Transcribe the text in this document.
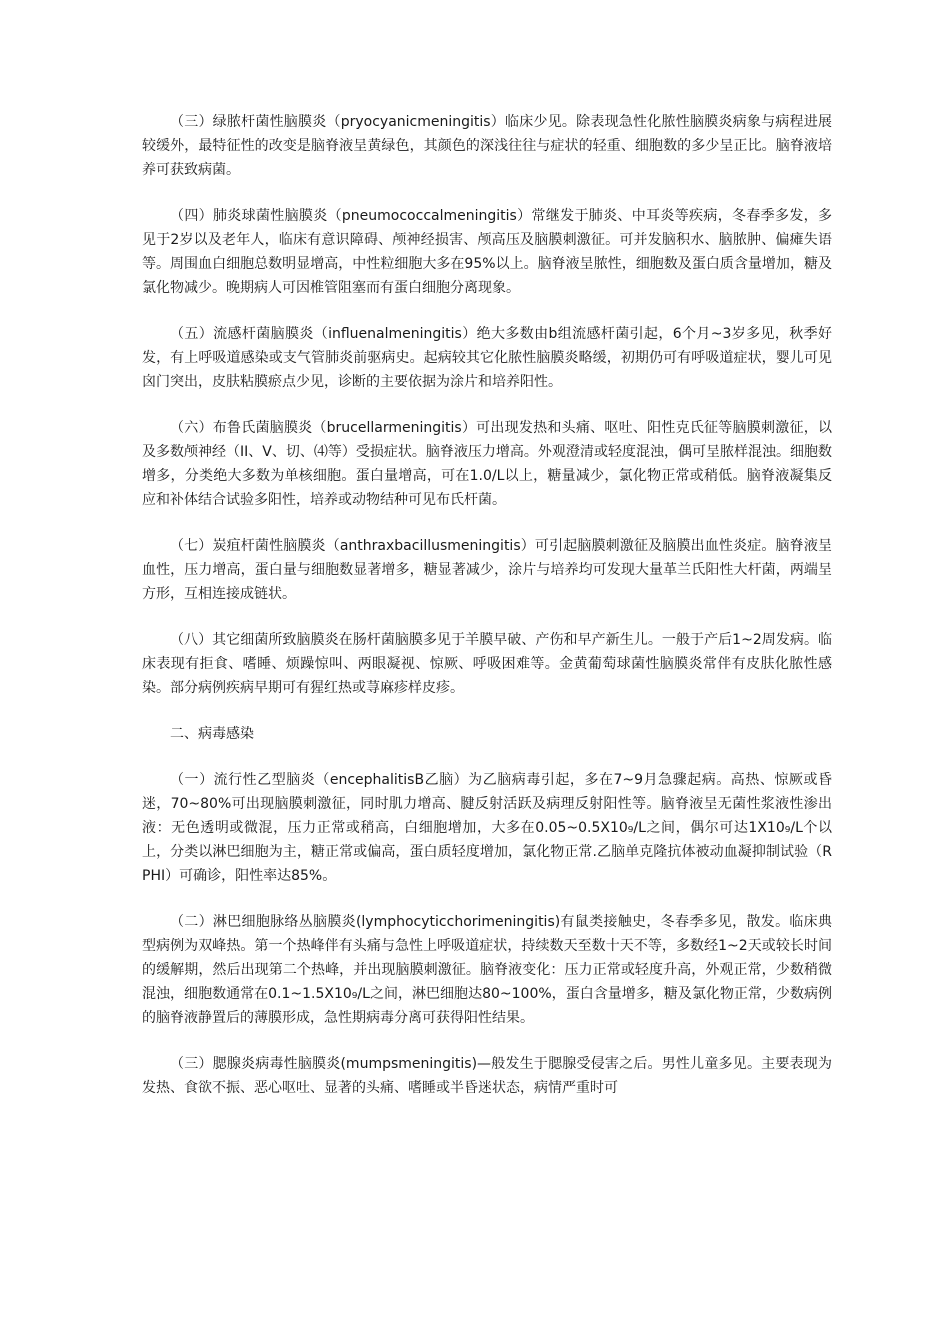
（三）绿脓杆菌性脑膜炎（pryocyanicmeningitis）临床少见。除表现急性化脓性脑膜炎病象与病程进展较缓外，最特征性的改变是脑脊液呈黄绿色，其颜色的深浅往往与症状的轻重、细胞数的多少呈正比。脑脊液培养可获致病菌。

（四）肺炎球菌性脑膜炎（pneumococcalmeningitis）常继发于肺炎、中耳炎等疾病，冬春季多发，多见于2岁以及老年人，临床有意识障碍、颅神经损害、颅高压及脑膜刺激征。可并发脑积水、脑脓肿、偏瘫失语等。周围血白细胞总数明显增高，中性粒细胞大多在95%以上。脑脊液呈脓性，细胞数及蛋白质含量增加，糖及氯化物减少。晚期病人可因椎管阻塞而有蛋白细胞分离现象。

（五）流感杆菌脑膜炎（influenalmeningitis）绝大多数由b组流感杆菌引起，6个月~3岁多见，秋季好发，有上呼吸道感染或支气管肺炎前驱病史。起病较其它化脓性脑膜炎略缓，初期仍可有呼吸道症状，婴儿可见囟门突出，皮肤粘膜瘀点少见，诊断的主要依据为涂片和培养阳性。

（六）布鲁氏菌脑膜炎（brucellarmeningitis）可出现发热和头痛、呕吐、阳性克氏征等脑膜刺激征，以及多数颅神经（II、V、切、⑷等）受损症状。脑脊液压力增高。外观澄清或轻度混浊，偶可呈脓样混浊。细胞数增多，分类绝大多数为单核细胞。蛋白量增高，可在1.0/L以上，糖量减少，氯化物正常或稍低。脑脊液凝集反应和补体结合试验多阳性，培养或动物结种可见布氏杆菌。

（七）炭疽杆菌性脑膜炎（anthraxbacillusmeningitis）可引起脑膜刺激征及脑膜出血性炎症。脑脊液呈血性，压力增高，蛋白量与细胞数显著增多，糖显著减少，涂片与培养均可发现大量革兰氏阳性大杆菌，两端呈方形，互相连接成链状。

（八）其它细菌所致脑膜炎在肠杆菌脑膜多见于羊膜早破、产伤和早产新生儿。一般于产后1~2周发病。临床表现有拒食、嗜睡、烦躁惊叫、两眼凝视、惊厥、呼吸困难等。金黄葡萄球菌性脑膜炎常伴有皮肤化脓性感染。部分病例疾病早期可有猩红热或荨麻疹样皮疹。

二、病毒感染

（一）流行性乙型脑炎（encephalitisB乙脑）为乙脑病毒引起，多在7~9月急骤起病。高热、惊厥或昏迷，70~80%可出现脑膜刺激征，同时肌力增高、腱反射活跃及病理反射阳性等。脑脊液呈无菌性浆液性渗出液：无色透明或微混，压力正常或稍高，白细胞增加，大多在0.05~0.5X10₉/L之间，偶尔可达1X10₉/L个以上，分类以淋巴细胞为主，糖正常或偏高，蛋白质轻度增加，氯化物正常.乙脑单克隆抗体被动血凝抑制试验（RPHI）可确诊，阳性率达85%。

（二）淋巴细胞脉络丛脑膜炎(lymphocyticchorimeningitis)有鼠类接触史，冬春季多见，散发。临床典型病例为双峰热。第一个热峰伴有头痛与急性上呼吸道症状，持续数天至数十天不等，多数经1~2天或较长时间的缓解期，然后出现第二个热峰，并出现脑膜刺激征。脑脊液变化：压力正常或轻度升高，外观正常，少数稍微混浊，细胞数通常在0.1~1.5X10₉/L之间，淋巴细胞达80~100%，蛋白含量增多，糖及氯化物正常，少数病例的脑脊液静置后的薄膜形成，急性期病毒分离可获得阳性结果。

（三）腮腺炎病毒性脑膜炎(mumpsmeningitis)—般发生于腮腺受侵害之后。男性儿童多见。主要表现为发热、食欲不振、恶心呕吐、显著的头痛、嗜睡或半昏迷状态，病情严重时可
